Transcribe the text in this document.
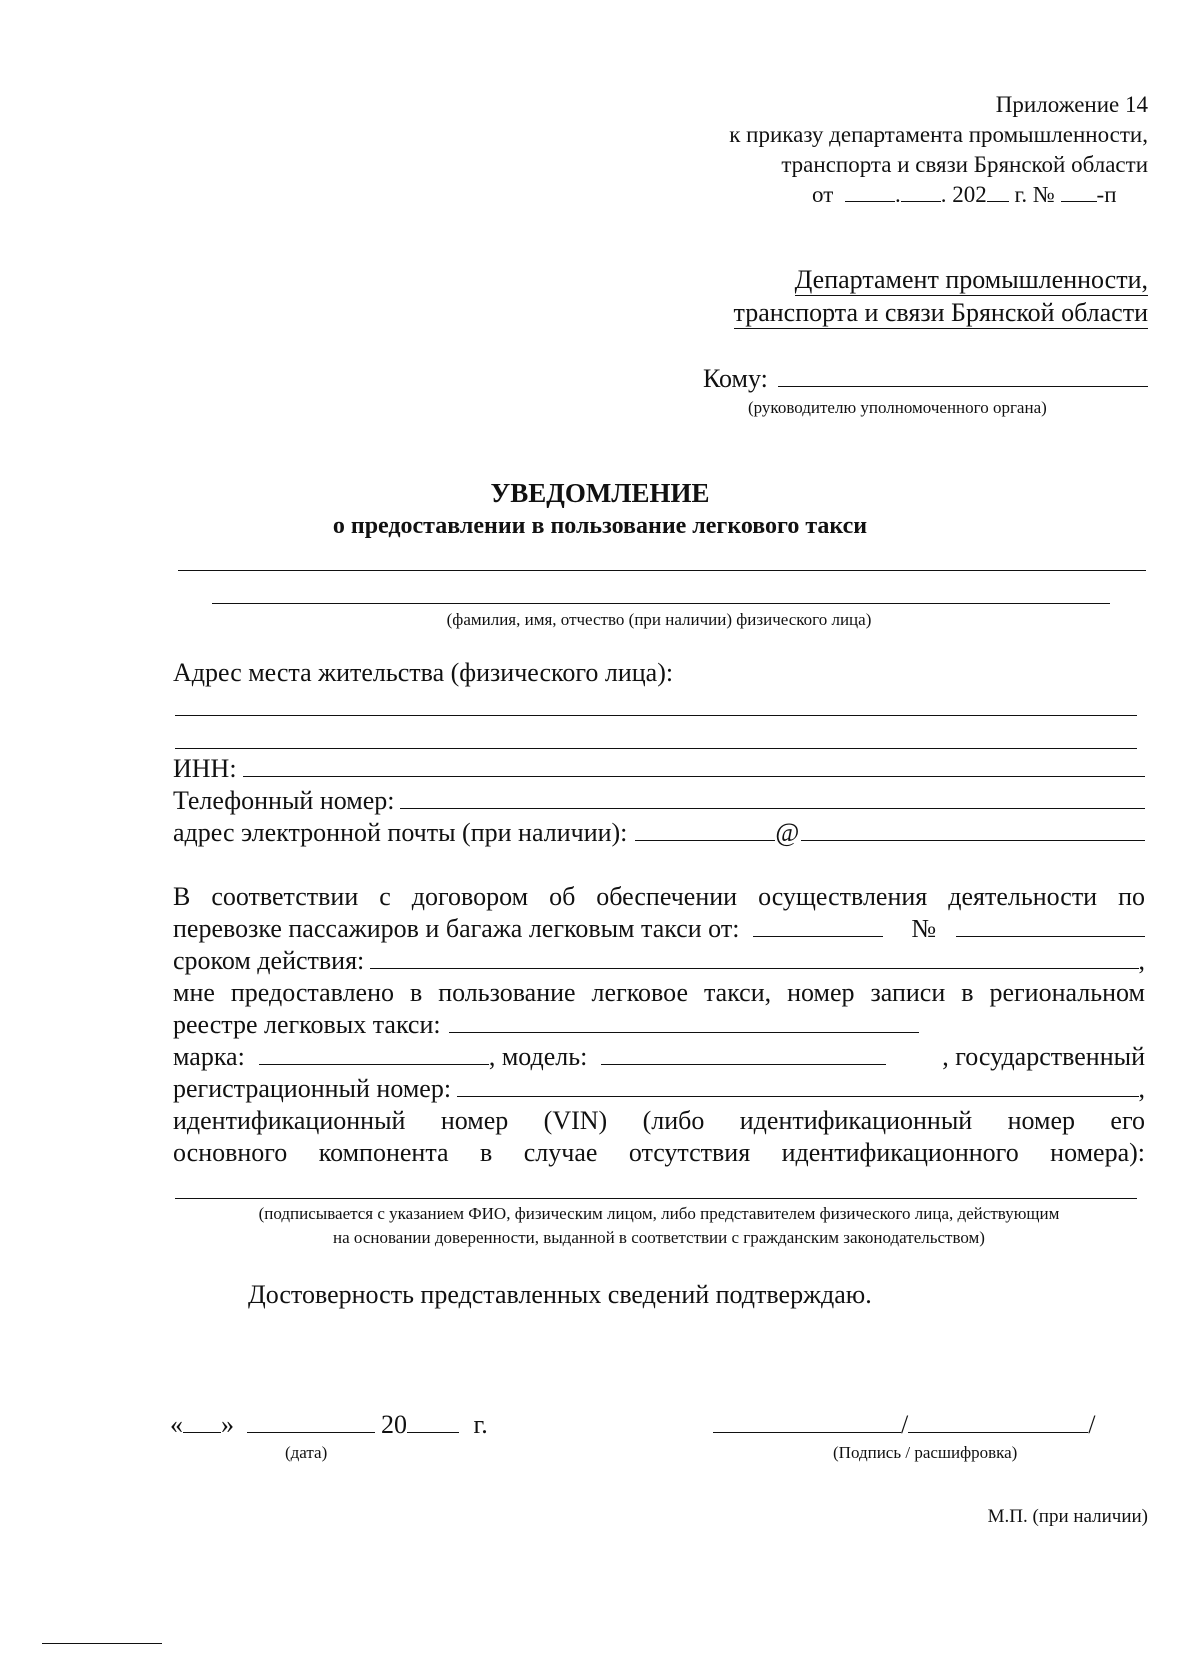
Приложение 14
к приказу департамента промышленности,
транспорта и связи Брянской области
от	. . 202 г. № -п
Департамент промышленности,
транспорта и связи Брянской области
Кому:
(руководителю уполномоченного органа)
УВЕДОМЛЕНИЕ
о предоставлении в пользование легкового такси
(фамилия, имя, отчество (при наличии) физического лица)
Адрес места жительства (физического лица):
ИНН:
Телефонный номер:
адрес электронной почты (при наличии):	@
В соответствии с договором об обеспечении осуществления деятельности по
перевозке пассажиров и багажа легковым такси от:	№
сроком действия:	,
мне предоставлено в пользование легковое такси, номер записи в региональном
реестре легковых такси:
марка:	, модель:	, государственный
регистрационный номер:	,
идентификационный номер (VIN) (либо идентификационный номер его
основного компонента в случае отсутствия идентификационного номера):
(подписывается с указанием ФИО, физическим лицом, либо представителем физического лица, действующим
на основании доверенности, выданной в соответствии с гражданским законодательством)
Достоверность представленных сведений подтверждаю.
« »	20	г.
(дата)
/	/
(Подпись / расшифровка)
М.П. (при наличии)
